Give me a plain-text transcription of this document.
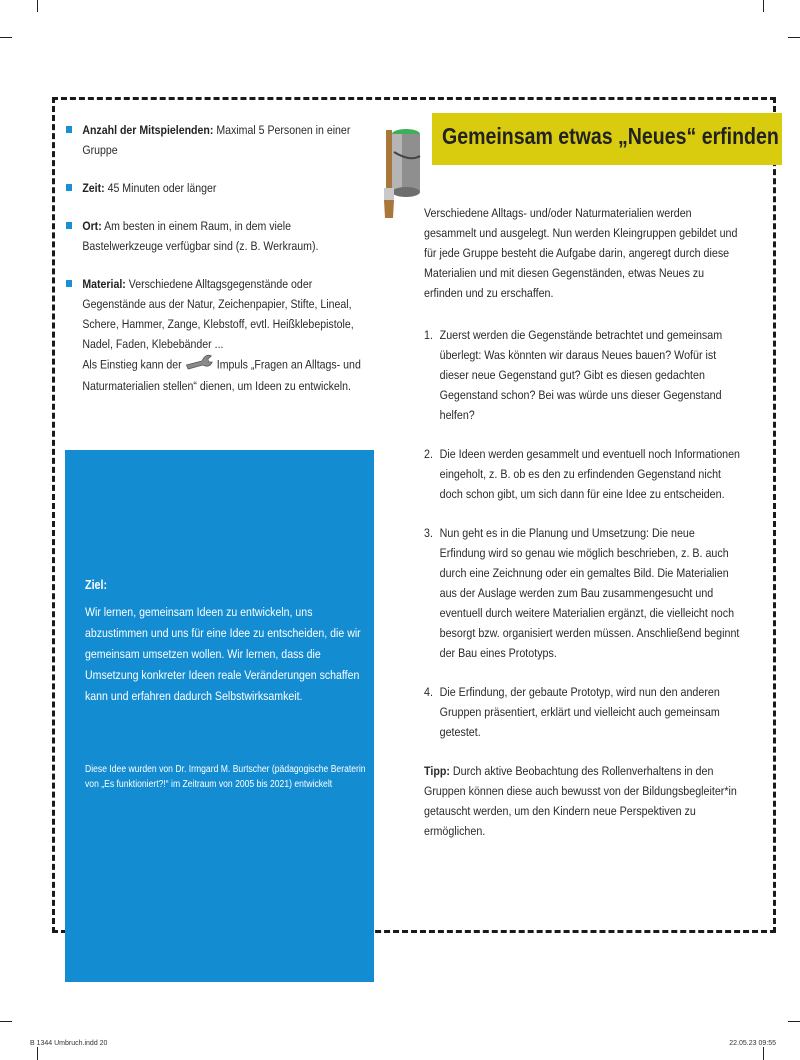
Anzahl der Mitspielenden: Maximal 5 Personen in einer Gruppe
Zeit: 45 Minuten oder länger
Ort: Am besten in einem Raum, in dem viele Bastelwerkzeuge verfügbar sind (z. B. Werkraum).
Material: Verschiedene Alltagsgegenstände oder Gegenstände aus der Natur, Zeichenpapier, Stifte, Lineal, Schere, Hammer, Zange, Klebstoff, evtl. Heißklebepistole, Nadel, Faden, Klebebänder ...
Als Einstieg kann der  Impuls „Fragen an Alltags- und Naturmaterialien stellen“ dienen, um Ideen zu entwickeln.
Ziel:
Wir lernen, gemeinsam Ideen zu entwickeln, uns abzustimmen und uns für eine Idee zu entscheiden, die wir gemeinsam umsetzen wollen. Wir lernen, dass die Umsetzung konkreter Ideen reale Veränderungen schaffen kann und erfahren dadurch Selbstwirksamkeit.
Diese Idee wurden von Dr. Irmgard M. Burtscher (pädagogische Beraterin von „Es funktioniert?!“ im Zeitraum von 2005 bis 2021) entwickelt
Gemeinsam etwas „Neues“ erfinden
Verschiedene Alltags- und/oder Naturmaterialien werden gesammelt und ausgelegt. Nun werden Kleingruppen gebildet und für jede Gruppe besteht die Aufgabe darin, angeregt durch diese Materialien und mit diesen Gegenständen, etwas Neues zu erfinden und zu erschaffen.
1. Zuerst werden die Gegenstände betrachtet und gemeinsam überlegt: Was könnten wir daraus Neues bauen? Wofür ist dieser neue Gegenstand gut? Gibt es diesen gedachten Gegenstand schon? Bei was würde uns dieser Gegenstand helfen?
2. Die Ideen werden gesammelt und eventuell noch Informationen eingeholt, z. B. ob es den zu erfindenden Gegenstand nicht doch schon gibt, um sich dann für eine Idee zu entscheiden.
3. Nun geht es in die Planung und Umsetzung: Die neue Erfindung wird so genau wie möglich beschrieben, z. B. auch durch eine Zeichnung oder ein gemaltes Bild. Die Materialien aus der Auslage werden zum Bau zusammengesucht und eventuell durch weitere Materialien ergänzt, die vielleicht noch besorgt bzw. organisiert werden müssen. Anschließend beginnt der Bau eines Prototyps.
4. Die Erfindung, der gebaute Prototyp, wird nun den anderen Gruppen präsentiert, erklärt und vielleicht auch gemeinsam getestet.
Tipp: Durch aktive Beobachtung des Rollenverhaltens in den Gruppen können diese auch bewusst von der Bildungsbegleiter*in getauscht werden, um den Kindern neue Perspektiven zu ermöglichen.
B 1344 Umbruch.indd 20	22.05.23 09:55
